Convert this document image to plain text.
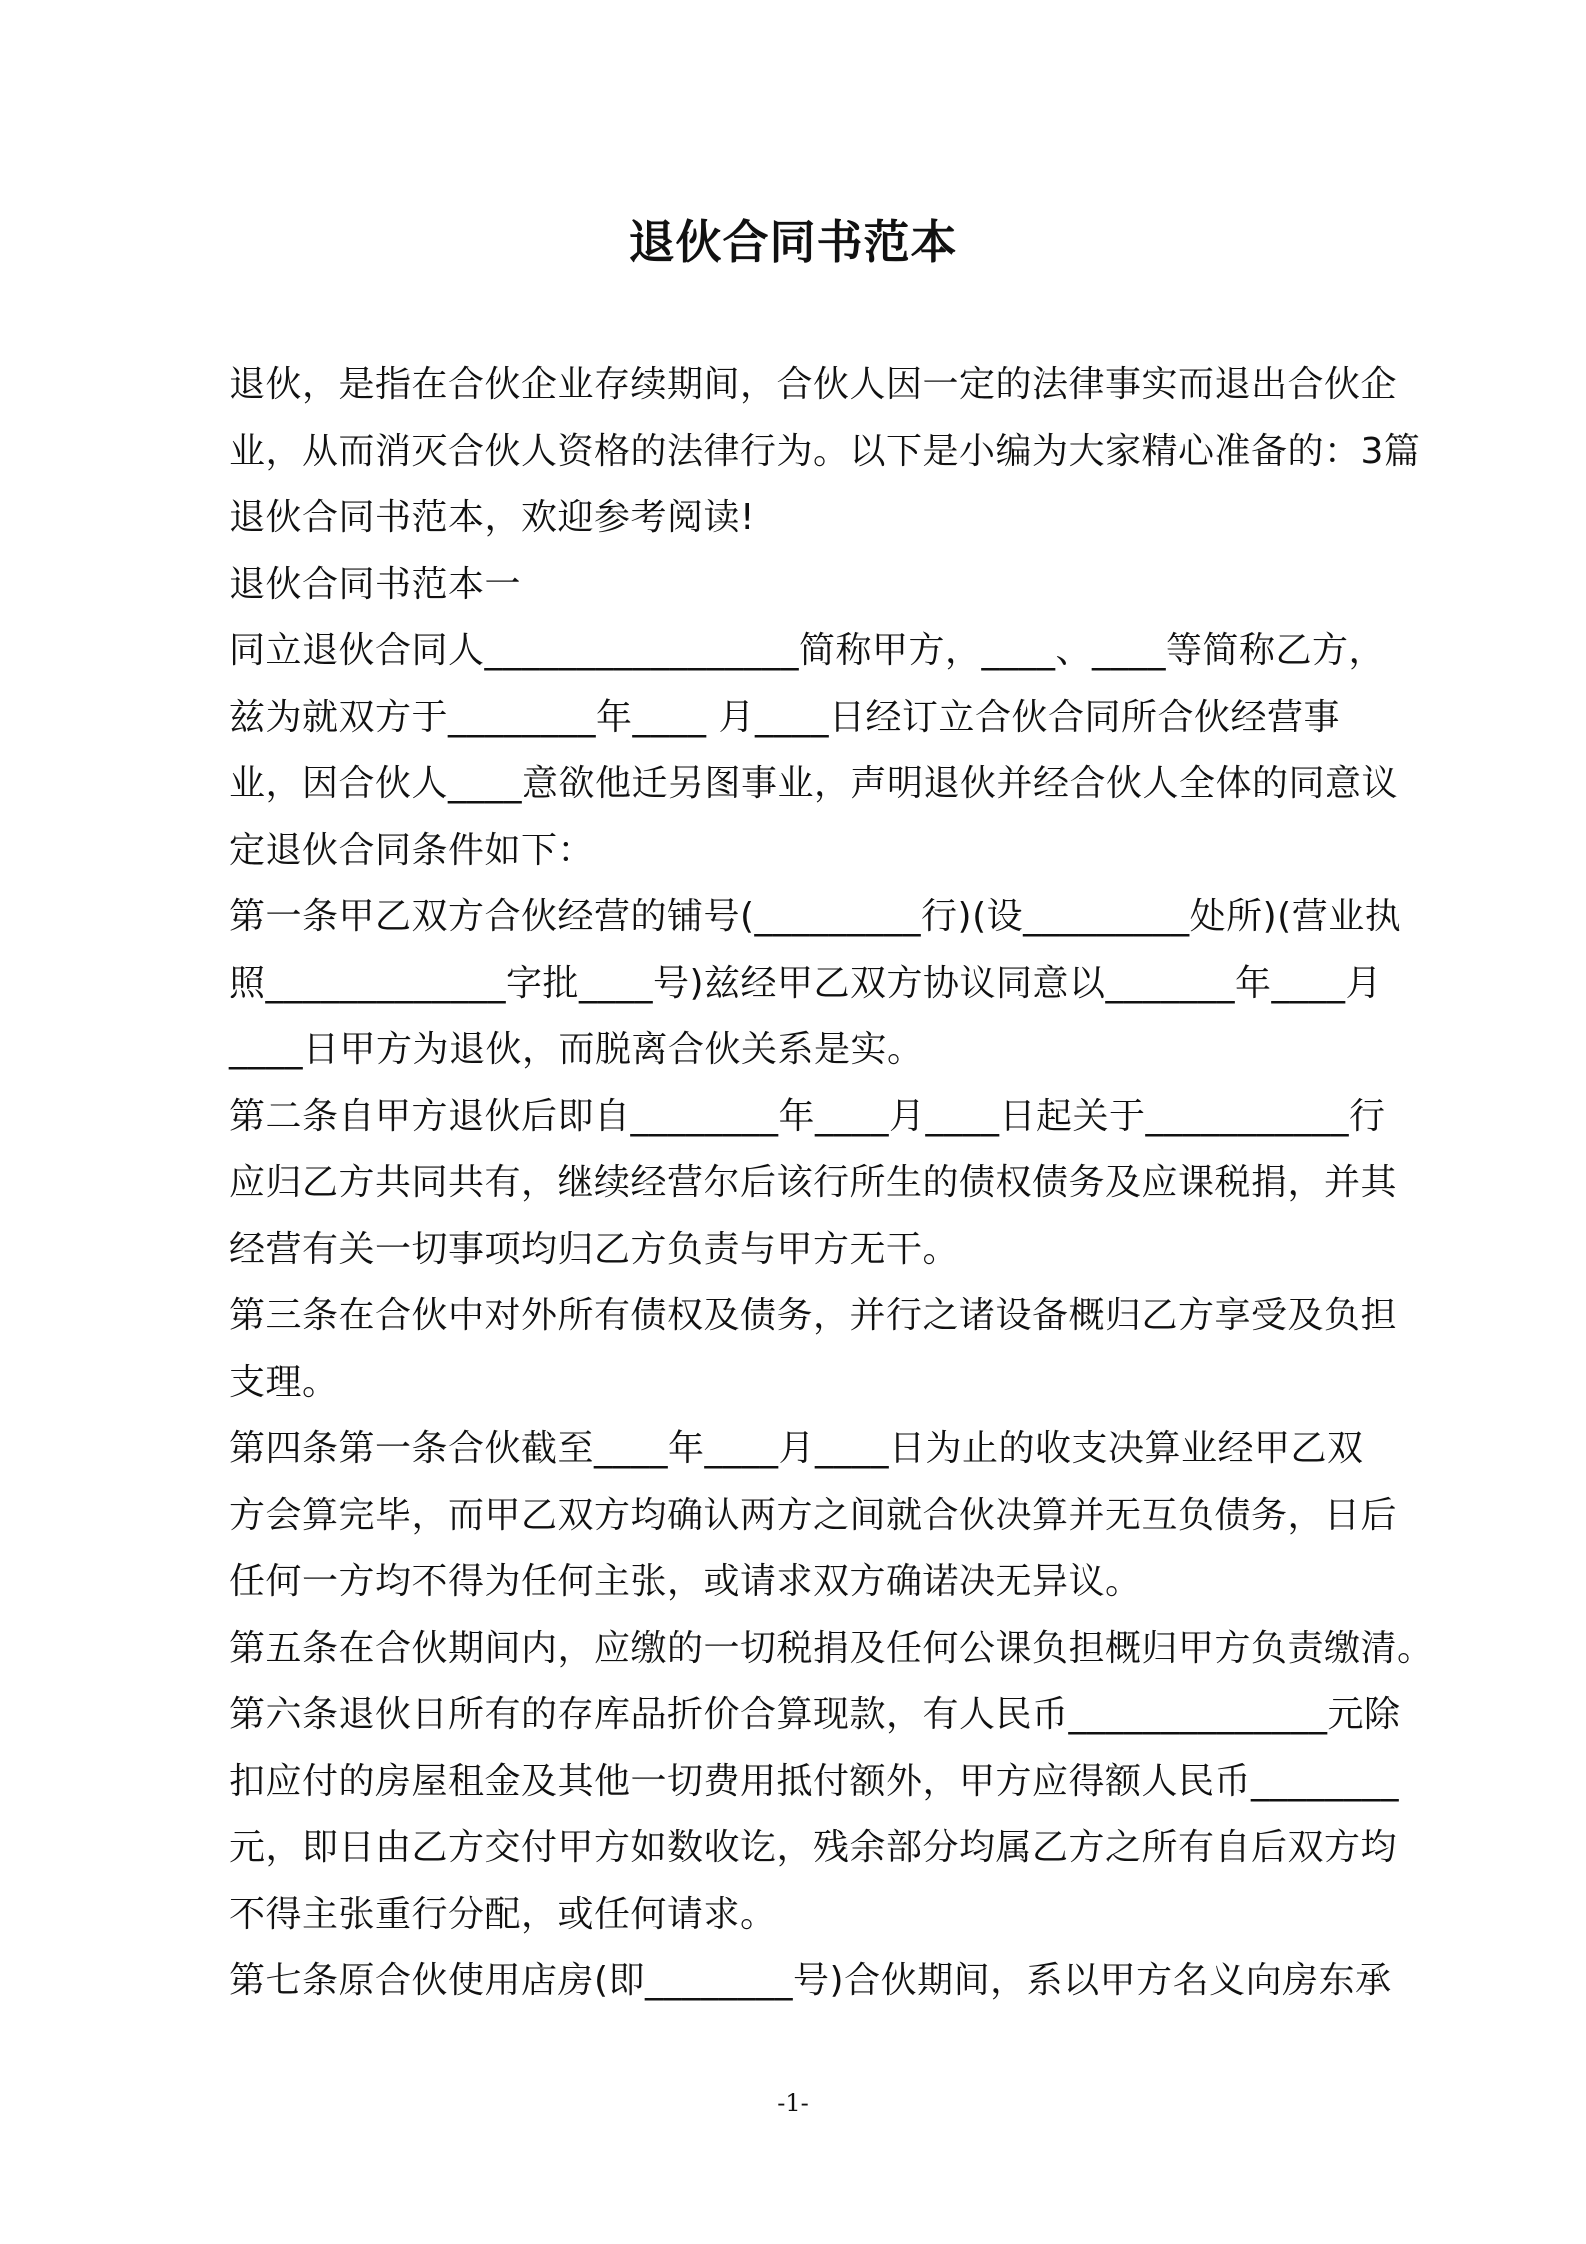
退伙合同书范本

退伙，是指在合伙企业存续期间，合伙人因一定的法律事实而退出合伙企

业，从而消灭合伙人资格的法律行为。以下是小编为大家精心准备的：3篇

退伙合同书范本，欢迎参考阅读!

退伙合同书范本一

同立退伙合同人_________________简称甲方，____、____等简称乙方，

兹为就双方于________年____ 月____日经订立合伙合同所合伙经营事

业，因合伙人____意欲他迁另图事业，声明退伙并经合伙人全体的同意议

定退伙合同条件如下：

第一条甲乙双方合伙经营的铺号(_________行)(设_________处所)(营业执

照_____________字批____号)兹经甲乙双方协议同意以_______年____月

____日甲方为退伙，而脱离合伙关系是实。

第二条自甲方退伙后即自________年____月____日起关于___________行

应归乙方共同共有，继续经营尔后该行所生的债权债务及应课税捐，并其

经营有关一切事项均归乙方负责与甲方无干。

第三条在合伙中对外所有债权及债务，并行之诸设备概归乙方享受及负担

支理。

第四条第一条合伙截至____年____月____日为止的收支决算业经甲乙双

方会算完毕，而甲乙双方均确认两方之间就合伙决算并无互负债务，日后

任何一方均不得为任何主张，或请求双方确诺决无异议。

第五条在合伙期间内，应缴的一切税捐及任何公课负担概归甲方负责缴清。

第六条退伙日所有的存库品折价合算现款，有人民币______________元除

扣应付的房屋租金及其他一切费用抵付额外，甲方应得额人民币________

元，即日由乙方交付甲方如数收讫，残余部分均属乙方之所有自后双方均

不得主张重行分配，或任何请求。

第七条原合伙使用店房(即________号)合伙期间，系以甲方名义向房东承

-1-
